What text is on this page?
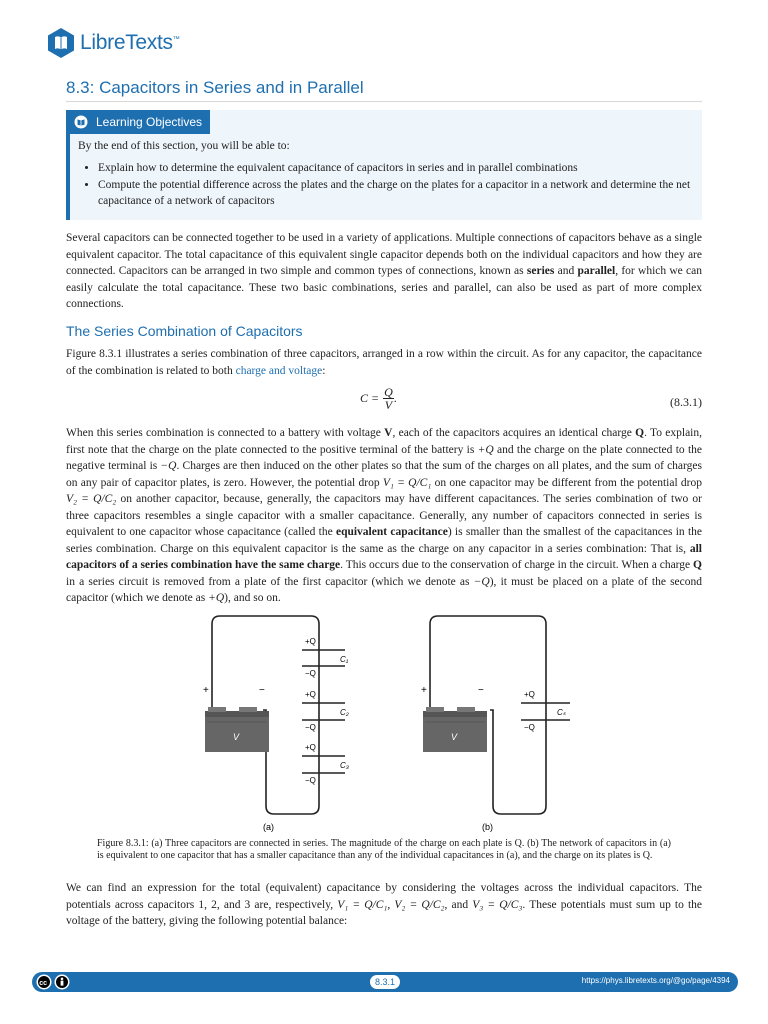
LibreTexts™
8.3: Capacitors in Series and in Parallel
Learning Objectives

By the end of this section, you will be able to:

• Explain how to determine the equivalent capacitance of capacitors in series and in parallel combinations
• Compute the potential difference across the plates and the charge on the plates for a capacitor in a network and determine the net capacitance of a network of capacitors

Several capacitors can be connected together to be used in a variety of applications. Multiple connections of capacitors behave as a single equivalent capacitor. The total capacitance of this equivalent single capacitor depends both on the individual capacitors and how they are connected. Capacitors can be arranged in two simple and common types of connections, known as series and parallel, for which we can easily calculate the total capacitance. These two basic combinations, series and parallel, can also be used as part of more complex connections.

The Series Combination of Capacitors

Figure 8.3.1 illustrates a series combination of three capacitors, arranged in a row within the circuit. As for any capacitor, the capacitance of the combination is related to both charge and voltage:

$C = \frac{Q}{V}$ .	(8.3.1)

When this series combination is connected to a battery with voltage V, each of the capacitors acquires an identical charge Q. To explain, first note that the charge on the plate connected to the positive terminal of the battery is +Q and the charge on the plate connected to the negative terminal is −Q. Charges are then induced on the other plates so that the sum of the charges on all plates, and the sum of charges on any pair of capacitor plates, is zero. However, the potential drop V₁ = Q/C₁ on one capacitor may be different from the potential drop V₂ = Q/C₂ on another capacitor, because, generally, the capacitors may have different capacitances. The series combination of two or three capacitors resembles a single capacitor with a smaller capacitance. Generally, any number of capacitors connected in series is equivalent to one capacitor whose capacitance (called the equivalent capacitance) is smaller than the smallest of the capacitances in the series combination. Charge on this equivalent capacitor is the same as the charge on any capacitor in a series combination: That is, all capacitors of a series combination have the same charge. This occurs due to the conservation of charge in the circuit. When a charge Q in a series circuit is removed from a plate of the first capacitor (which we denote as −Q), it must be placed on a plate of the second capacitor (which we denote as +Q), and so on.

+	−
V
+Q
−Q
+Q
−Q
+Q
−Q
C₁
C₂
C₃
(a)
+	−
V
+Q
−Q
Cₛ
(b)

Figure 8.3.1: (a) Three capacitors are connected in series. The magnitude of the charge on each plate is Q. (b) The network of capacitors in (a) is equivalent to one capacitor that has a smaller capacitance than any of the individual capacitances in (a), and the charge on its plates is Q.

We can find an expression for the total (equivalent) capacitance by considering the voltages across the individual capacitors. The potentials across capacitors 1, 2, and 3 are, respectively, V₁ = Q/C₁, V₂ = Q/C₂, and V₃ = Q/C₃. These potentials must sum up to the voltage of the battery, giving the following potential balance:

cc	8.3.1	https://phys.libretexts.org/@go/page/4394
